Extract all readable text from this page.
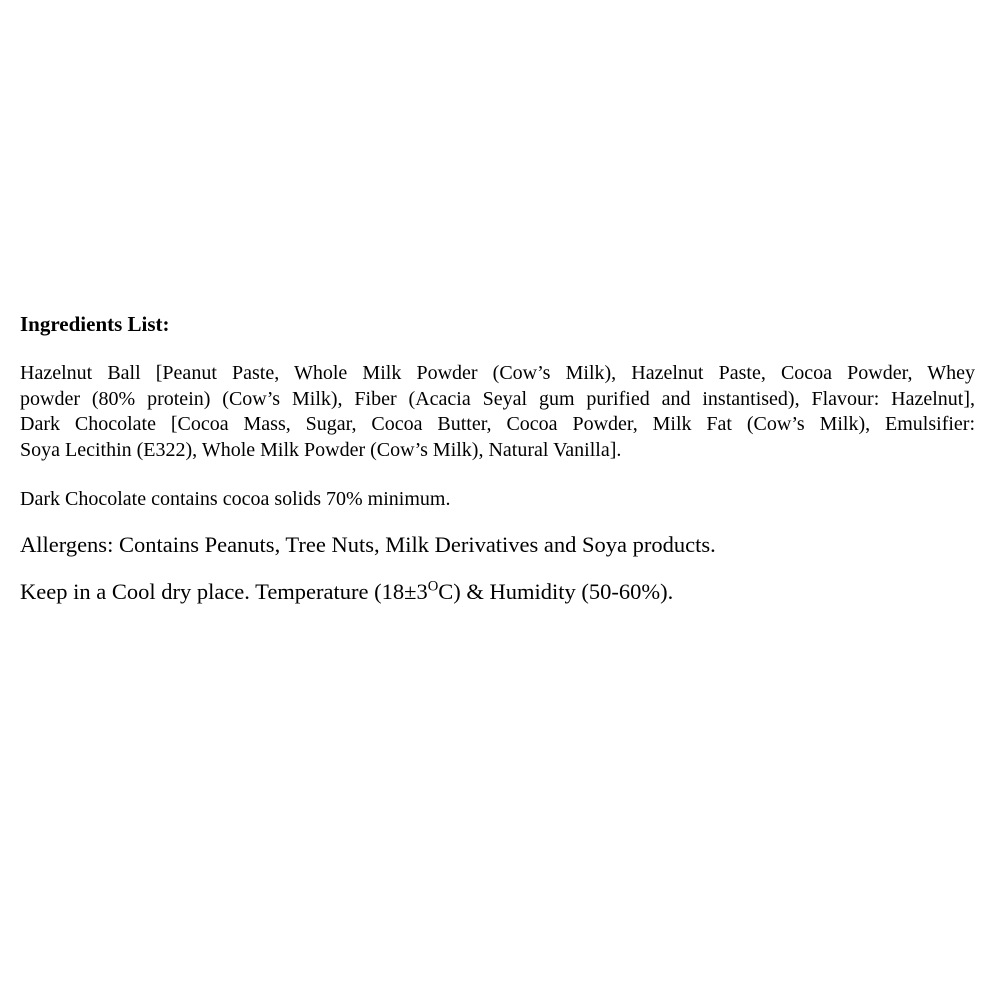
Ingredients List:

Hazelnut Ball [Peanut Paste, Whole Milk Powder (Cow’s Milk), Hazelnut Paste, Cocoa Powder, Whey
powder (80% protein) (Cow’s Milk), Fiber (Acacia Seyal gum purified and instantised), Flavour: Hazelnut],
Dark Chocolate [Cocoa Mass, Sugar, Cocoa Butter, Cocoa Powder, Milk Fat (Cow’s Milk), Emulsifier:
Soya Lecithin (E322), Whole Milk Powder (Cow’s Milk), Natural Vanilla].

Dark Chocolate contains cocoa solids 70% minimum.

Allergens: Contains Peanuts, Tree Nuts, Milk Derivatives and Soya products.

Keep in a Cool dry place. Temperature $(18\pm 3^OC)$ & Humidity (50-60%).
